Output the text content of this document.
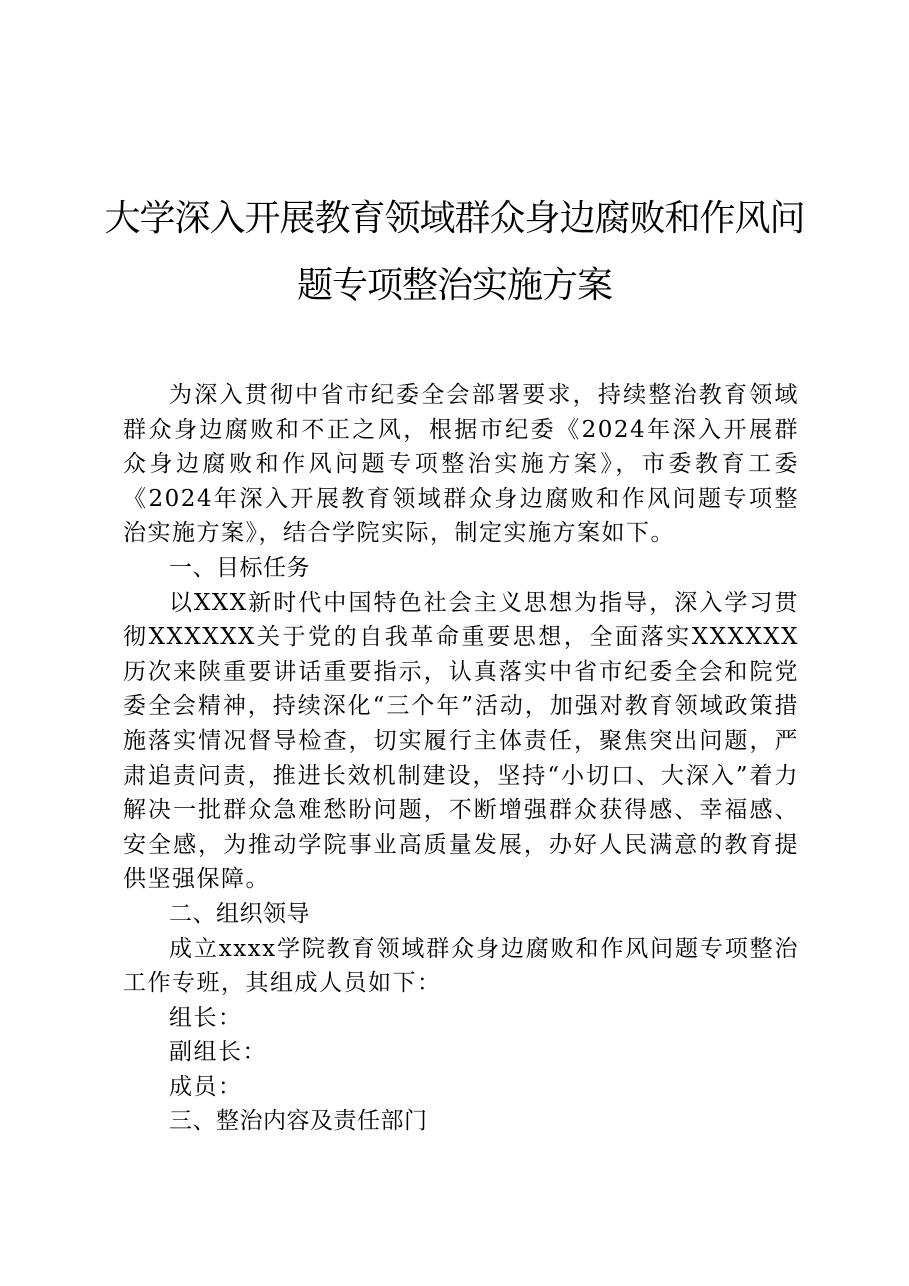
大学深入开展教育领域群众身边腐败和作风问
题专项整治实施方案

为深入贯彻中省市纪委全会部署要求，持续整治教育领域群众身边腐败和不正之风，根据市纪委《2024年深入开展群众身边腐败和作风问题专项整治实施方案》，市委教育工委《2024年深入开展教育领域群众身边腐败和作风问题专项整治实施方案》，结合学院实际，制定实施方案如下。

一、目标任务

以XXX新时代中国特色社会主义思想为指导，深入学习贯彻XXXXXX关于党的自我革命重要思想，全面落实XXXXXX历次来陕重要讲话重要指示，认真落实中省市纪委全会和院党委全会精神，持续深化“三个年”活动，加强对教育领域政策措施落实情况督导检查，切实履行主体责任，聚焦突出问题，严肃追责问责，推进长效机制建设，坚持“小切口、大深入”着力解决一批群众急难愁盼问题，不断增强群众获得感、幸福感、安全感，为推动学院事业高质量发展，办好人民满意的教育提供坚强保障。

二、组织领导

成立xxxx学院教育领域群众身边腐败和作风问题专项整治工作专班，其组成人员如下：

组长：

副组长：

成员：

三、整治内容及责任部门
